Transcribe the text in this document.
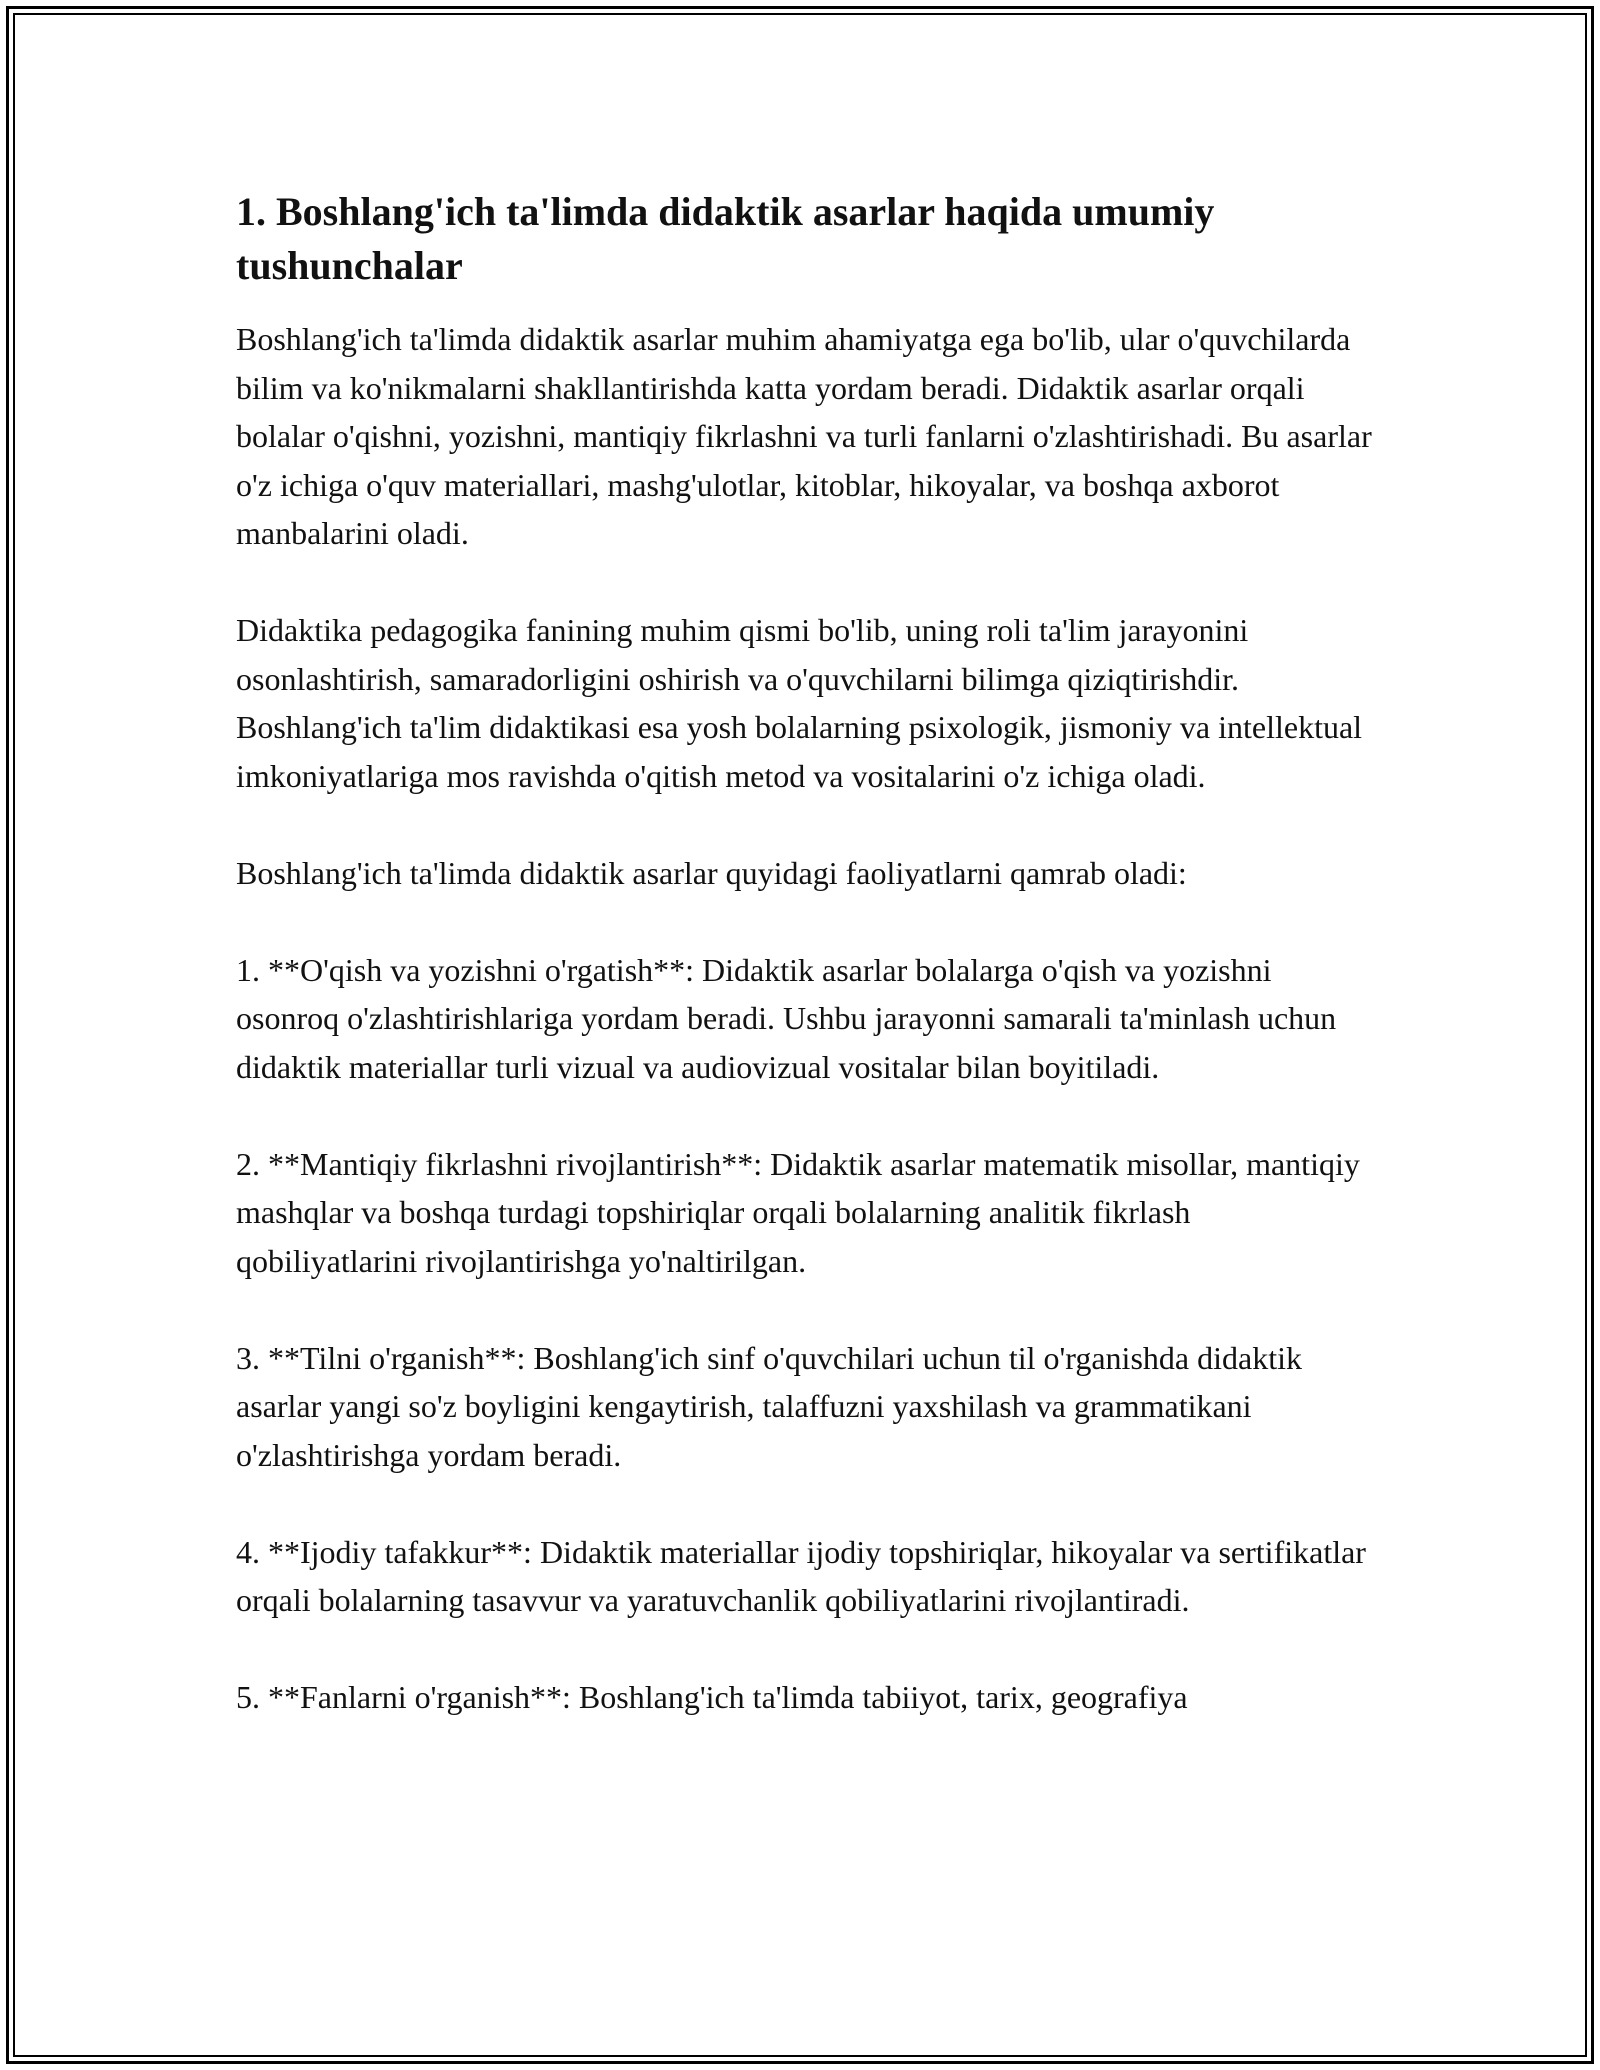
1. Boshlang'ich ta'limda didaktik asarlar haqida umumiy tushunchalar

Boshlang'ich ta'limda didaktik asarlar muhim ahamiyatga ega bo'lib, ular o'quvchilarda bilim va ko'nikmalarni shakllantirishda katta yordam beradi. Didaktik asarlar orqali bolalar o'qishni, yozishni, mantiqiy fikrlashni va turli fanlarni o'zlashtirishadi. Bu asarlar o'z ichiga o'quv materiallari, mashg'ulotlar, kitoblar, hikoyalar, va boshqa axborot manbalarini oladi.

Didaktika pedagogika fanining muhim qismi bo'lib, uning roli ta'lim jarayonini osonlashtirish, samaradorligini oshirish va o'quvchilarni bilimga qiziqtirishdir. Boshlang'ich ta'lim didaktikasi esa yosh bolalarning psixologik, jismoniy va intellektual imkoniyatlariga mos ravishda o'qitish metod va vositalarini o'z ichiga oladi.

Boshlang'ich ta'limda didaktik asarlar quyidagi faoliyatlarni qamrab oladi:

1. **O'qish va yozishni o'rgatish**: Didaktik asarlar bolalarga o'qish va yozishni osonroq o'zlashtirishlariga yordam beradi. Ushbu jarayonni samarali ta'minlash uchun didaktik materiallar turli vizual va audiovizual vositalar bilan boyitiladi.

2. **Mantiqiy fikrlashni rivojlantirish**: Didaktik asarlar matematik misollar, mantiqiy mashqlar va boshqa turdagi topshiriqlar orqali bolalarning analitik fikrlash qobiliyatlarini rivojlantirishga yo'naltirilgan.

3. **Tilni o'rganish**: Boshlang'ich sinf o'quvchilari uchun til o'rganishda didaktik asarlar yangi so'z boyligini kengaytirish, talaffuzni yaxshilash va grammatikani o'zlashtirishga yordam beradi.

4. **Ijodiy tafakkur**: Didaktik materiallar ijodiy topshiriqlar, hikoyalar va sertifikatlar orqali bolalarning tasavvur va yaratuvchanlik qobiliyatlarini rivojlantiradi.

5. **Fanlarni o'rganish**: Boshlang'ich ta'limda tabiiyot, tarix, geografiya
